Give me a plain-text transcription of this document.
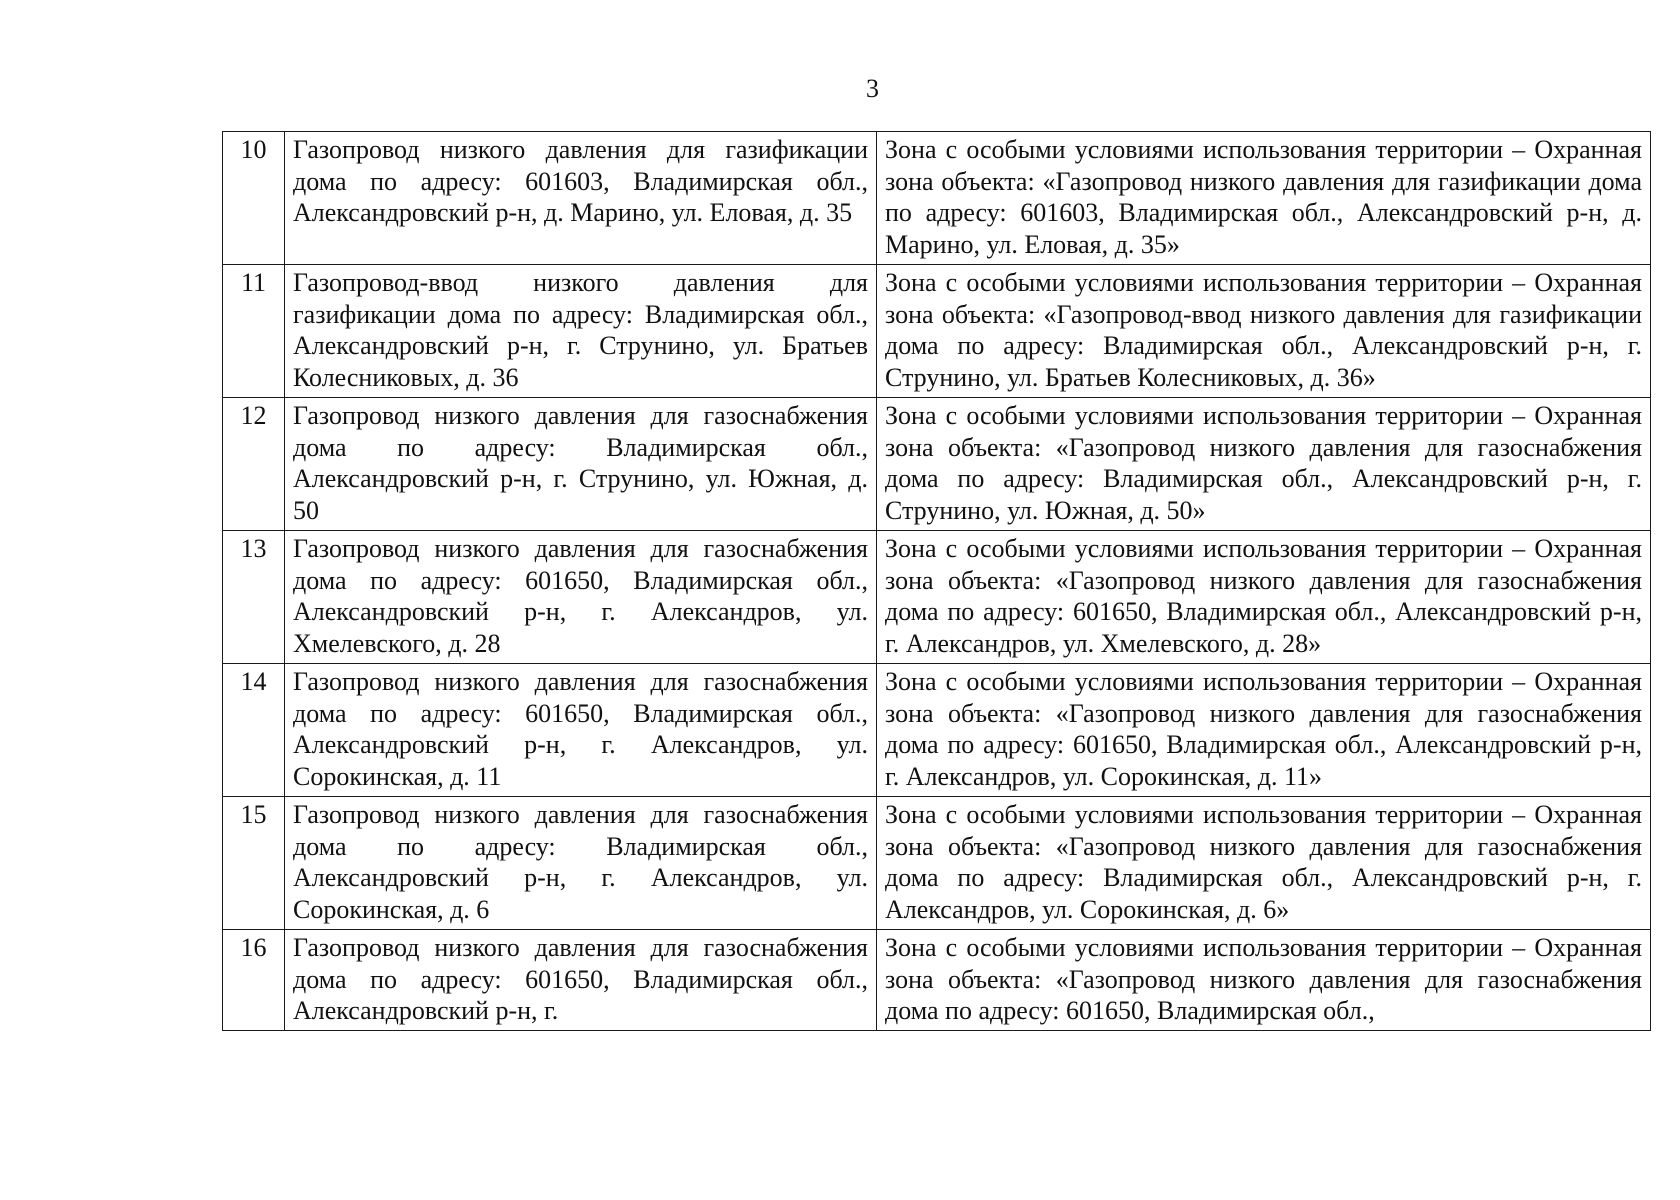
3
10	Газопровод низкого давления для газификации дома по адресу: 601603, Владимирская обл., Александровский р-н, д. Марино, ул. Еловая, д. 35	Зона с особыми условиями использования территории – Охранная зона объекта: «Газопровод низкого давления для газификации дома по адресу: 601603, Владимирская обл., Александровский р-н, д. Марино, ул. Еловая, д. 35»
11	Газопровод-ввод низкого давления для газификации дома по адресу: Владимирская обл., Александровский р-н, г. Струнино, ул. Братьев Колесниковых, д. 36	Зона с особыми условиями использования территории – Охранная зона объекта: «Газопровод-ввод низкого давления для газификации дома по адресу: Владимирская обл., Александровский р-н, г. Струнино, ул. Братьев Колесниковых, д. 36»
12	Газопровод низкого давления для газоснабжения дома по адресу: Владимирская обл., Александровский р-н, г. Струнино, ул. Южная, д. 50	Зона с особыми условиями использования территории – Охранная зона объекта: «Газопровод низкого давления для газоснабжения дома по адресу: Владимирская обл., Александровский р-н, г. Струнино, ул. Южная, д. 50»
13	Газопровод низкого давления для газоснабжения дома по адресу: 601650, Владимирская обл., Александровский р-н, г. Александров, ул. Хмелевского, д. 28	Зона с особыми условиями использования территории – Охранная зона объекта: «Газопровод низкого давления для газоснабжения дома по адресу: 601650, Владимирская обл., Александровский р-н, г. Александров, ул. Хмелевского, д. 28»
14	Газопровод низкого давления для газоснабжения дома по адресу: 601650, Владимирская обл., Александровский р-н, г. Александров, ул. Сорокинская, д. 11	Зона с особыми условиями использования территории – Охранная зона объекта: «Газопровод низкого давления для газоснабжения дома по адресу: 601650, Владимирская обл., Александровский р-н, г. Александров, ул. Сорокинская, д. 11»
15	Газопровод низкого давления для газоснабжения дома по адресу: Владимирская обл., Александровский р-н, г. Александров, ул. Сорокинская, д. 6	Зона с особыми условиями использования территории – Охранная зона объекта: «Газопровод низкого давления для газоснабжения дома по адресу: Владимирская обл., Александровский р-н, г. Александров, ул. Сорокинская, д. 6»

16	Газопровод низкого давления для газоснабжения дома по адресу: 601650, Владимирская обл., Александровский р-н, г.	Зона с особыми условиями использования территории – Охранная зона объекта: «Газопровод низкого давления для газоснабжения дома по адресу: 601650, Владимирская обл.,
